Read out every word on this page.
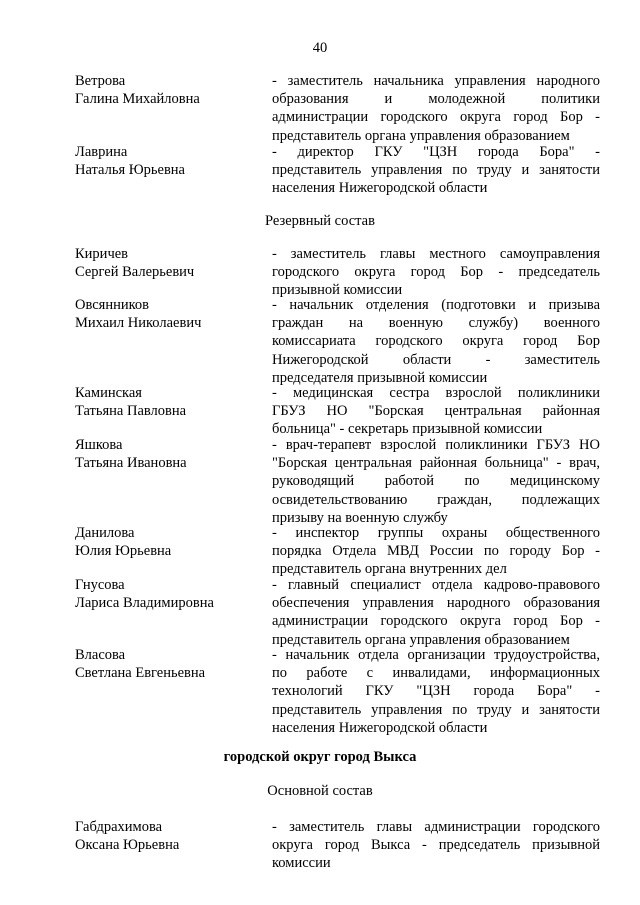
40
Ветрова
Галина Михайловна
- заместитель начальника управления народного
образования и молодежной политики
администрации городского округа город Бор -
представитель органа управления образованием
Лаврина
Наталья Юрьевна
- директор ГКУ "ЦЗН города Бора" -
представитель управления по труду и занятости
населения Нижегородской области
Резервный состав
Киричев
Сергей Валерьевич
- заместитель главы местного самоуправления
городского округа город Бор - председатель
призывной комиссии
Овсянников
Михаил Николаевич
- начальник отделения (подготовки и призыва
граждан на военную службу) военного
комиссариата городского округа город Бор
Нижегородской области - заместитель
председателя призывной комиссии
Каминская
Татьяна Павловна
- медицинская сестра взрослой поликлиники
ГБУЗ НО "Борская центральная районная
больница" - секретарь призывной комиссии
Яшкова
Татьяна Ивановна
- врач-терапевт взрослой поликлиники ГБУЗ НО
"Борская центральная районная больница" - врач,
руководящий работой по медицинскому
освидетельствованию граждан, подлежащих
призыву на военную службу
Данилова
Юлия Юрьевна
- инспектор группы охраны общественного
порядка Отдела МВД России по городу Бор -
представитель органа внутренних дел
Гнусова
Лариса Владимировна
- главный специалист отдела кадрово-правового
обеспечения управления народного образования
администрации городского округа город Бор -
представитель органа управления образованием
Власова
Светлана Евгеньевна
- начальник отдела организации трудоустройства,
по работе с инвалидами, информационных
технологий ГКУ "ЦЗН города Бора" -
представитель управления по труду и занятости
населения Нижегородской области
городской округ город Выкса
Основной состав
Габдрахимова
Оксана Юрьевна
- заместитель главы администрации городского
округа город Выкса - председатель призывной
комиссии
